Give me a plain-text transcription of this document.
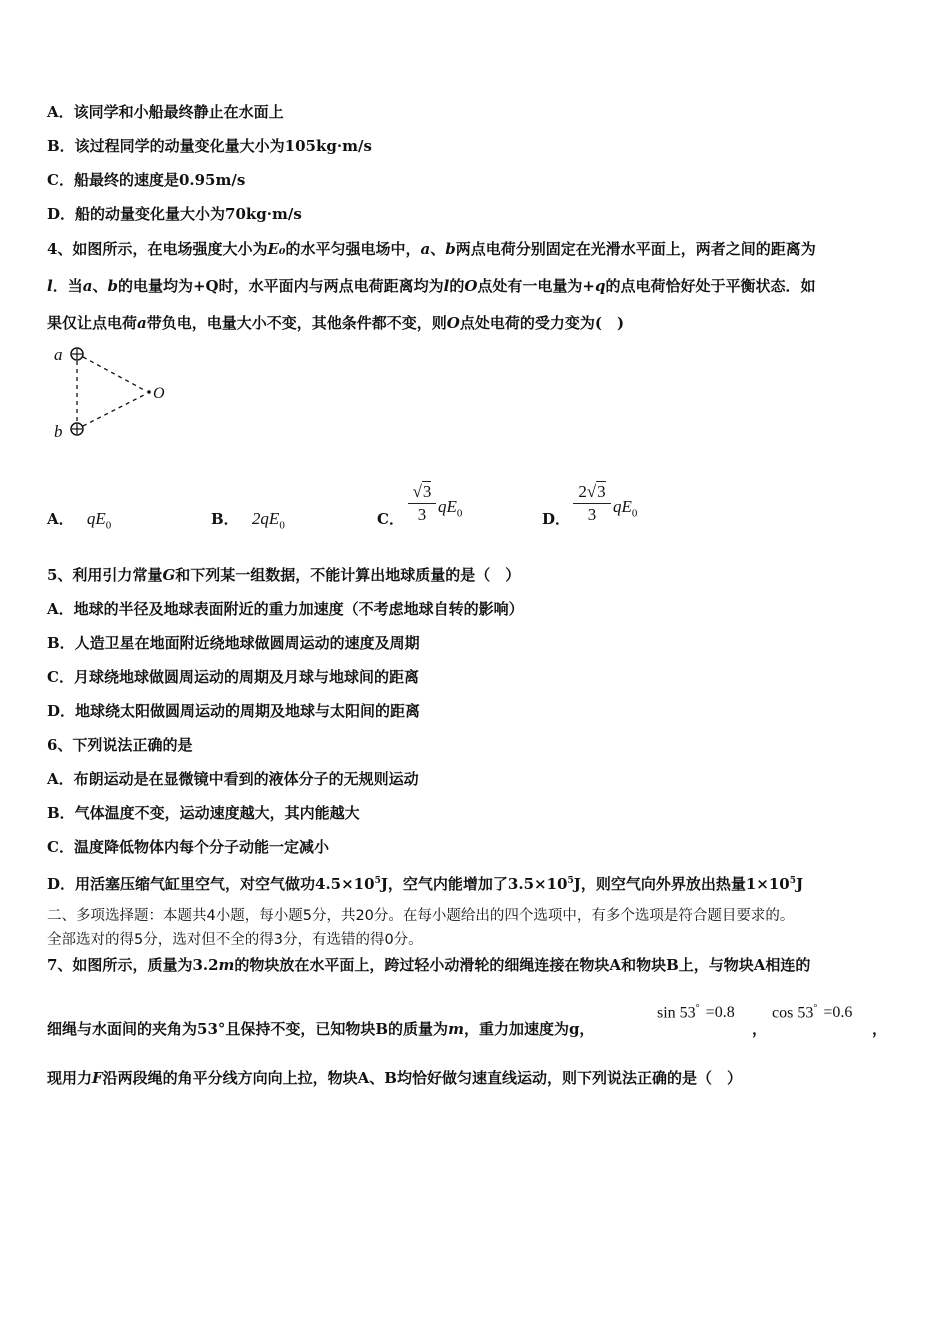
A．该同学和小船最终静止在水面上
B．该过程同学的动量变化量大小为105kg·m/s
C．船最终的速度是0.95m/s
D．船的动量变化量大小为70kg·m/s
4、如图所示，在电场强度大小为E₀的水平匀强电场中，a、b两点电荷分别固定在光滑水平面上，两者之间的距离为
l．当a、b的电量均为+Q时，水平面内与两点电荷距离均为l的O点处有一电量为+q的点电荷恰好处于平衡状态．如
果仅让点电荷a带负电，电量大小不变，其他条件都不变，则O点处电荷的受力变为(　)
a
b
O
A． $qE_0$	B． $2qE_0$	C．
√3
3 $qE_0$	D．
2√3
3 $qE_0$
5、利用引力常量G和下列某一组数据，不能计算出地球质量的是（　）
A．地球的半径及地球表面附近的重力加速度（不考虑地球自转的影响）
B．人造卫星在地面附近绕地球做圆周运动的速度及周期
C．月球绕地球做圆周运动的周期及月球与地球间的距离
D．地球绕太阳做圆周运动的周期及地球与太阳间的距离
6、下列说法正确的是
A．布朗运动是在显微镜中看到的液体分子的无规则运动
B．气体温度不变，运动速度越大，其内能越大
C．温度降低物体内每个分子动能一定减小
D．用活塞压缩气缸里空气，对空气做功$4.5\times 10^5J$，空气内能增加了$3.5\times 10^5J$，则空气向外界放出热量$1\times 10^5J$
二、多项选择题：本题共4小题，每小题5分，共20分。在每小题给出的四个选项中，有多个选项是符合题目要求的。
全部选对的得5分，选对但不全的得3分，有选错的得0分。
7、如图所示，质量为3.2m的物块放在水平面上，跨过轻小动滑轮的细绳连接在物块A和物块B上，与物块A相连的
细绳与水面间的夹角为53°且保持不变，已知物块B的质量为m，重力加速度为g，
sin 53° =0.8
，
cos 53° =0.6
，
现用力F沿两段绳的角平分线方向向上拉，物块A、B均恰好做匀速直线运动，则下列说法正确的是（　）
